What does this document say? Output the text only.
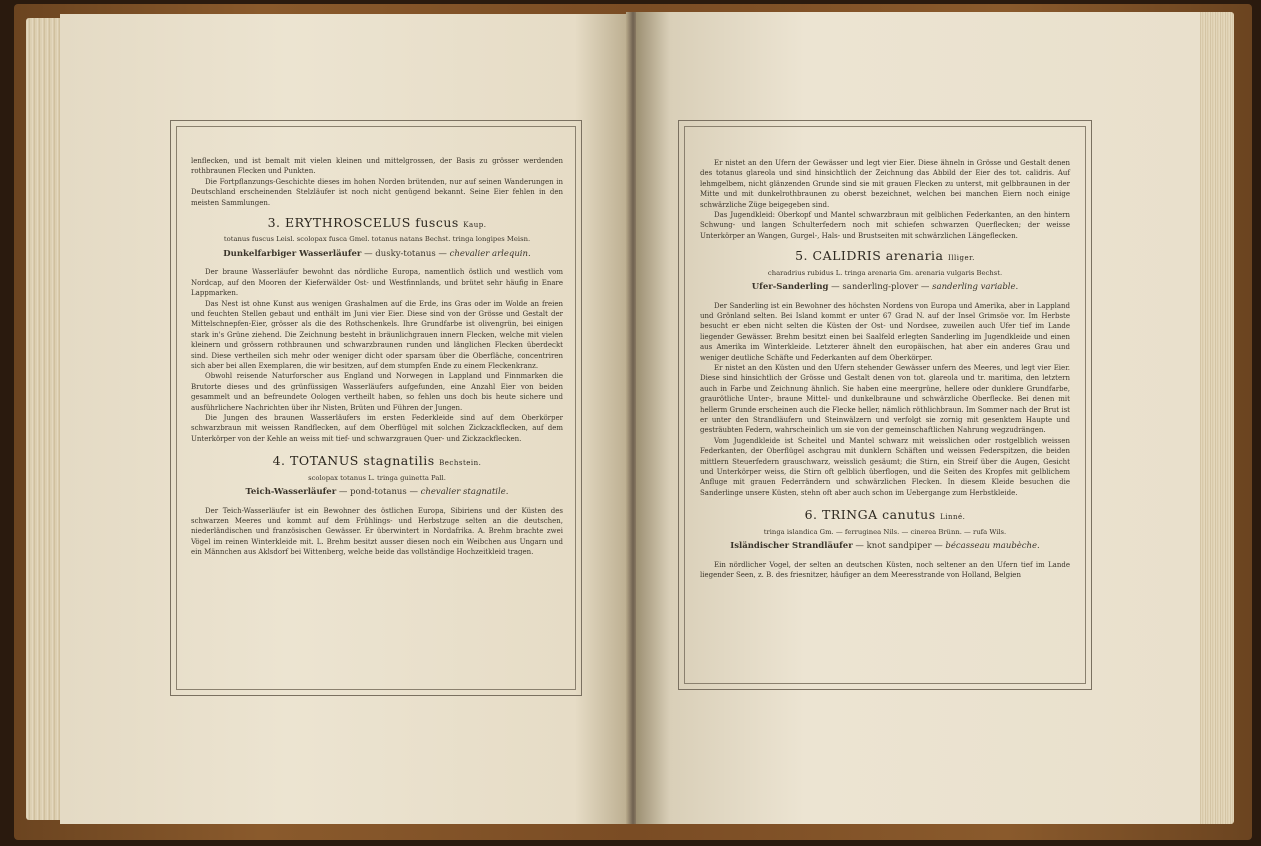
lenflecken, und ist bemalt mit vielen kleinen und mittelgrossen, der Basis zu grösser werdenden rothbraunen Flecken und Punkten.

Die Fortpflanzungs-Geschichte dieses im hohen Norden brütenden, nur auf seinen Wanderungen in Deutschland erscheinenden Stelzläufer ist noch nicht genügend bekannt. Seine Eier fehlen in den meisten Sammlungen.

3. ERYTHROSCELUS fuscus Kaup.
totanus fuscus Leisl. scolopax fusca Gmel. totanus natans Bechst. tringa longipes Meisn.
Dunkelfarbiger Wasserläufer — dusky-totanus — chevalier arlequin.

Der braune Wasserläufer bewohnt das nördliche Europa, namentlich östlich und westlich vom Nordcap, auf den Mooren der Kieferwälder Ost- und Westfinnlands, und brütet sehr häufig in Enare Lappmarken.

Das Nest ist ohne Kunst aus wenigen Grashalmen auf die Erde, ins Gras oder im Wolde an freien und feuchten Stellen gebaut und enthält im Juni vier Eier. Diese sind von der Grösse und Gestalt der Mittelschnepfen-Eier, grösser als die des Rothschenkels. Ihre Grundfarbe ist olivengrün, bei einigen stark in's Grüne ziehend. Die Zeichnung besteht in bräunlichgrauen innern Flecken, welche mit vielen kleinern und grössern rothbraunen und schwarzbraunen runden und länglichen Flecken überdeckt sind. Diese vertheilen sich mehr oder weniger dicht oder sparsam über die Oberfläche, concentriren sich aber bei allen Exemplaren, die wir besitzen, auf dem stumpfen Ende zu einem Fleckenkranz.

Obwohl reisende Naturforscher aus England und Norwegen in Lappland und Finnmarken die Brutorte dieses und des grünfüssigen Wasserläufers aufgefunden, eine Anzahl Eier von beiden gesammelt und an befreundete Oologen vertheilt haben, so fehlen uns doch bis heute sichere und ausführlichere Nachrichten über ihr Nisten, Brüten und Führen der Jungen.

Die Jungen des braunen Wasserläufers im ersten Federkleide sind auf dem Oberkörper schwarzbraun mit weissen Randflecken, auf dem Oberflügel mit solchen Zickzackflecken, auf dem Unterkörper von der Kehle an weiss mit tief- und schwarzgrauen Quer- und Zickzackflecken.

4. TOTANUS stagnatilis Bechstein.
scolopax totanus L. tringa guinetta Pall.
Teich-Wasserläufer — pond-totanus — chevalier stagnatile.

Der Teich-Wasserläufer ist ein Bewohner des östlichen Europa, Sibiriens und der Küsten des schwarzen Meeres und kommt auf dem Frühlings- und Herbstzuge selten an die deutschen, niederländischen und französischen Gewässer. Er überwintert in Nordafrika. A. Brehm brachte zwei Vögel im reinen Winterkleide mit. L. Brehm besitzt ausser diesen noch ein Weibchen aus Ungarn und ein Männchen aus Aklsdorf bei Wittenberg, welche beide das vollständige Hochzeitkleid tragen.

Er nistet an den Ufern der Gewässer und legt vier Eier. Diese ähneln in Grösse und Gestalt denen des totanus glareola und sind hinsichtlich der Zeichnung das Abbild der Eier des tot. calidris. Auf lehmgelbem, nicht glänzenden Grunde sind sie mit grauen Flecken zu unterst, mit gelbbraunen in der Mitte und mit dunkelrothbraunen zu oberst bezeichnet, welchen bei manchen Eiern noch einige schwärzliche Züge beigegeben sind.

Das Jugendkleid: Oberkopf und Mantel schwarzbraun mit gelblichen Federkanten, an den hintern Schwung- und langen Schulterfedern noch mit schiefen schwarzen Querflecken; der weisse Unterkörper an Wangen, Gurgel-, Hals- und Brustseiten mit schwärzlichen Längeflecken.

5. CALIDRIS arenaria Illiger.
charadrius rubidus L. tringa arenaria Gm. arenaria vulgaris Bechst.
Ufer-Sanderling — sanderling-plover — sanderling variable.

Der Sanderling ist ein Bewohner des höchsten Nordens von Europa und Amerika, aber in Lappland und Grönland selten. Bei Island kommt er unter 67 Grad N. auf der Insel Grimsöe vor. Im Herbste besucht er eben nicht selten die Küsten der Ost- und Nordsee, zuweilen auch Ufer tief im Lande liegender Gewässer. Brehm besitzt einen bei Saalfeld erlegten Sanderling im Jugendkleide und einen aus Amerika im Winterkleide. Letzterer ähnelt den europäischen, hat aber ein anderes Grau und weniger deutliche Schäfte und Federkanten auf dem Oberkörper.

Er nistet an den Küsten und den Ufern stehender Gewässer unfern des Meeres, und legt vier Eier. Diese sind hinsichtlich der Grösse und Gestalt denen von tot. glareola und tr. maritima, den letztern auch in Farbe und Zeichnung ähnlich. Sie haben eine meergrüne, hellere oder dunklere Grundfarbe, graurötliche Unter-, braune Mittel- und dunkelbraune und schwärzliche Oberflecke. Bei denen mit hellerm Grunde erscheinen auch die Flecke heller, nämlich röthlichbraun. Im Sommer nach der Brut ist er unter den Strandläufern und Steinwälzern und verfolgt sie zornig mit gesenktem Haupte und gesträubten Federn, wahrscheinlich um sie von der gemeinschaftlichen Nahrung wegzudrängen.

Vom Jugendkleide ist Scheitel und Mantel schwarz mit weisslichen oder rostgelblich weissen Federkanten, der Oberflügel aschgrau mit dunklern Schäften und weissen Federspitzen, die beiden mittlern Steuerfedern grauschwarz, weisslich gesäumt; die Stirn, ein Streif über die Augen, Gesicht und Unterkörper weiss, die Stirn oft gelblich überflogen, und die Seiten des Kropfes mit gelblichem Anfluge mit grauen Federrändern und schwärzlichen Flecken. In diesem Kleide besuchen die Sanderlinge unsere Küsten, stehn oft aber auch schon im Uebergange zum Herbstkleide.

6. TRINGA canutus Linné.
tringa islandica Gm. — ferruginea Nils. — cinerea Brünn. — rufa Wils.
Isländischer Strandläufer — knot sandpiper — bécasseau maubèche.

Ein nördlicher Vogel, der selten an deutschen Küsten, noch seltener an den Ufern tief im Lande liegender Seen, z. B. des friesnitzer, häufiger an dem Meeresstrande von Holland, Belgien
